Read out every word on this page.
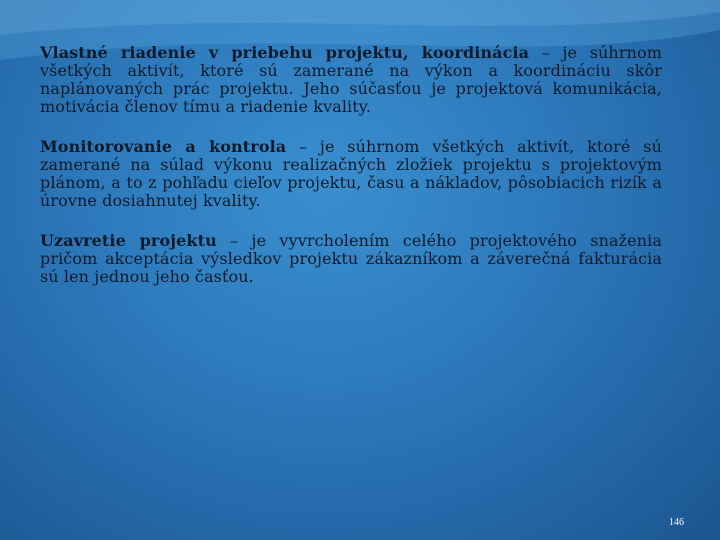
Vlastné riadenie v priebehu projektu, koordinácia – je súhrnom všetkých aktivít, ktoré sú zamerané na výkon a koordináciu skôr naplánovaných prác projektu. Jeho súčasťou je projektová komunikácia, motivácia členov tímu a riadenie kvality.

Monitorovanie a kontrola – je súhrnom všetkých aktivít, ktoré sú zamerané na súlad výkonu realizačných zložiek projektu s projektovým plánom, a to z pohľadu cieľov projektu, času a nákladov, pôsobiacich rizík a úrovne dosiahnutej kvality.

Uzavretie projektu – je vyvrcholením celého projektového snaženia pričom akceptácia výsledkov projektu zákazníkom a záverečná fakturácia sú len jednou jeho časťou.

146
